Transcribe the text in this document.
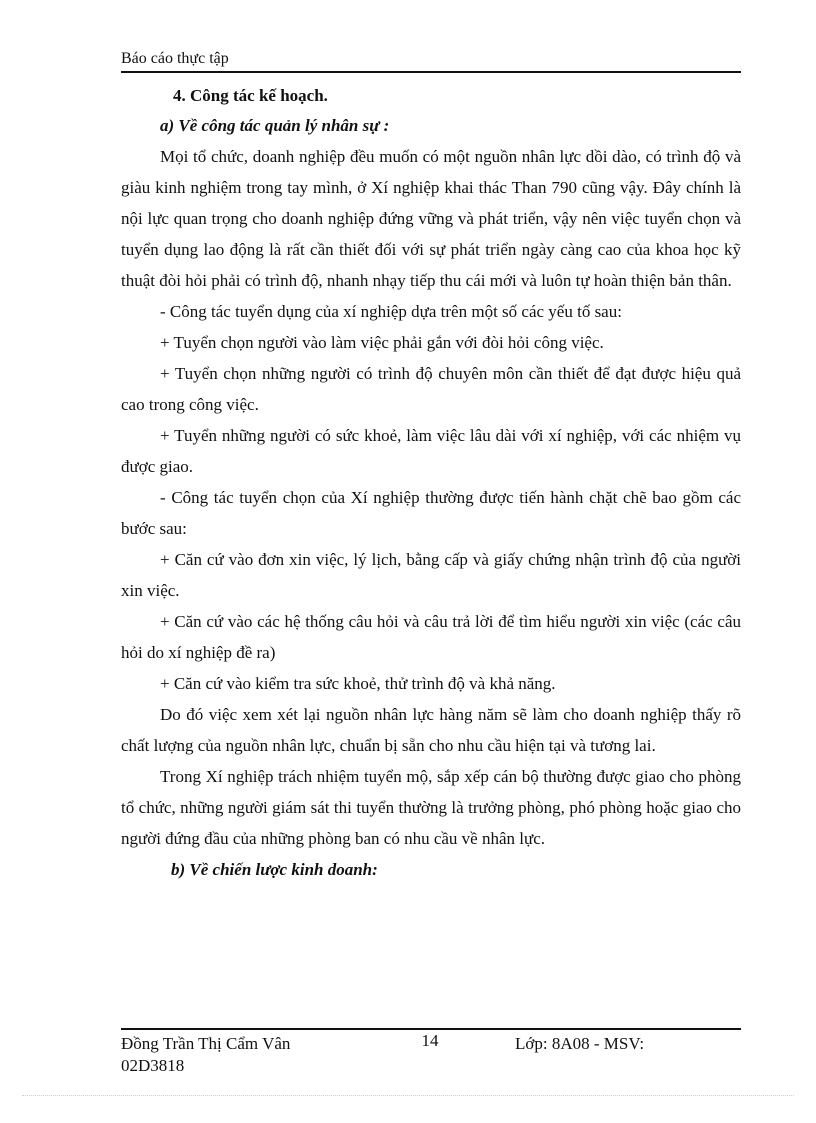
Báo cáo thực tập
4. Công tác kế hoạch.
a) Về công tác quản lý nhân sự :

Mọi tổ chức, doanh nghiệp đều muốn có một nguồn nhân lực dồi dào, có trình độ và giàu kinh nghiệm trong tay mình, ở Xí nghiệp khai thác Than 790 cũng vậy. Đây chính là nội lực quan trọng cho doanh nghiệp đứng vững và phát triển, vậy nên việc tuyển chọn và tuyển dụng lao động là rất cần thiết đối với sự phát triển ngày càng cao của khoa học kỹ thuật đòi hỏi phải có trình độ, nhanh nhạy tiếp thu cái mới và luôn tự hoàn thiện bản thân.

- Công tác tuyển dụng của xí nghiệp dựa trên một số các yếu tố sau:

+ Tuyển chọn người vào làm việc phải gắn với đòi hỏi công việc.

+ Tuyển chọn những người có trình độ chuyên môn cần thiết để đạt được hiệu quả cao trong công việc.

+ Tuyển những người có sức khoẻ, làm việc lâu dài với xí nghiệp, với các nhiệm vụ được giao.

- Công tác tuyển chọn của Xí nghiệp thường được tiến hành chặt chẽ bao gồm các bước sau:

+ Căn cứ vào đơn xin việc, lý lịch, bằng cấp và giấy chứng nhận trình độ của người xin việc.

+ Căn cứ vào các hệ thống câu hỏi và câu trả lời để tìm hiểu người xin việc (các câu hỏi do xí nghiệp đề ra)

+ Căn cứ vào kiểm tra sức khoẻ, thử trình độ và khả năng.

Do đó việc xem xét lại nguồn nhân lực hàng năm sẽ làm cho doanh nghiệp thấy rõ chất lượng của nguồn nhân lực, chuẩn bị sẵn cho nhu cầu hiện tại và tương lai.

Trong Xí nghiệp trách nhiệm tuyển mộ, sắp xếp cán bộ thường được giao cho phòng tổ chức, những người giám sát thi tuyển thường là trưởng phòng, phó phòng hoặc giao cho người đứng đầu của những phòng ban có nhu cầu về nhân lực.

b) Về chiến lược kinh doanh:
Đồng Trần Thị Cẩm Vân
02D3818
14	Lớp: 8A08 - MSV:
